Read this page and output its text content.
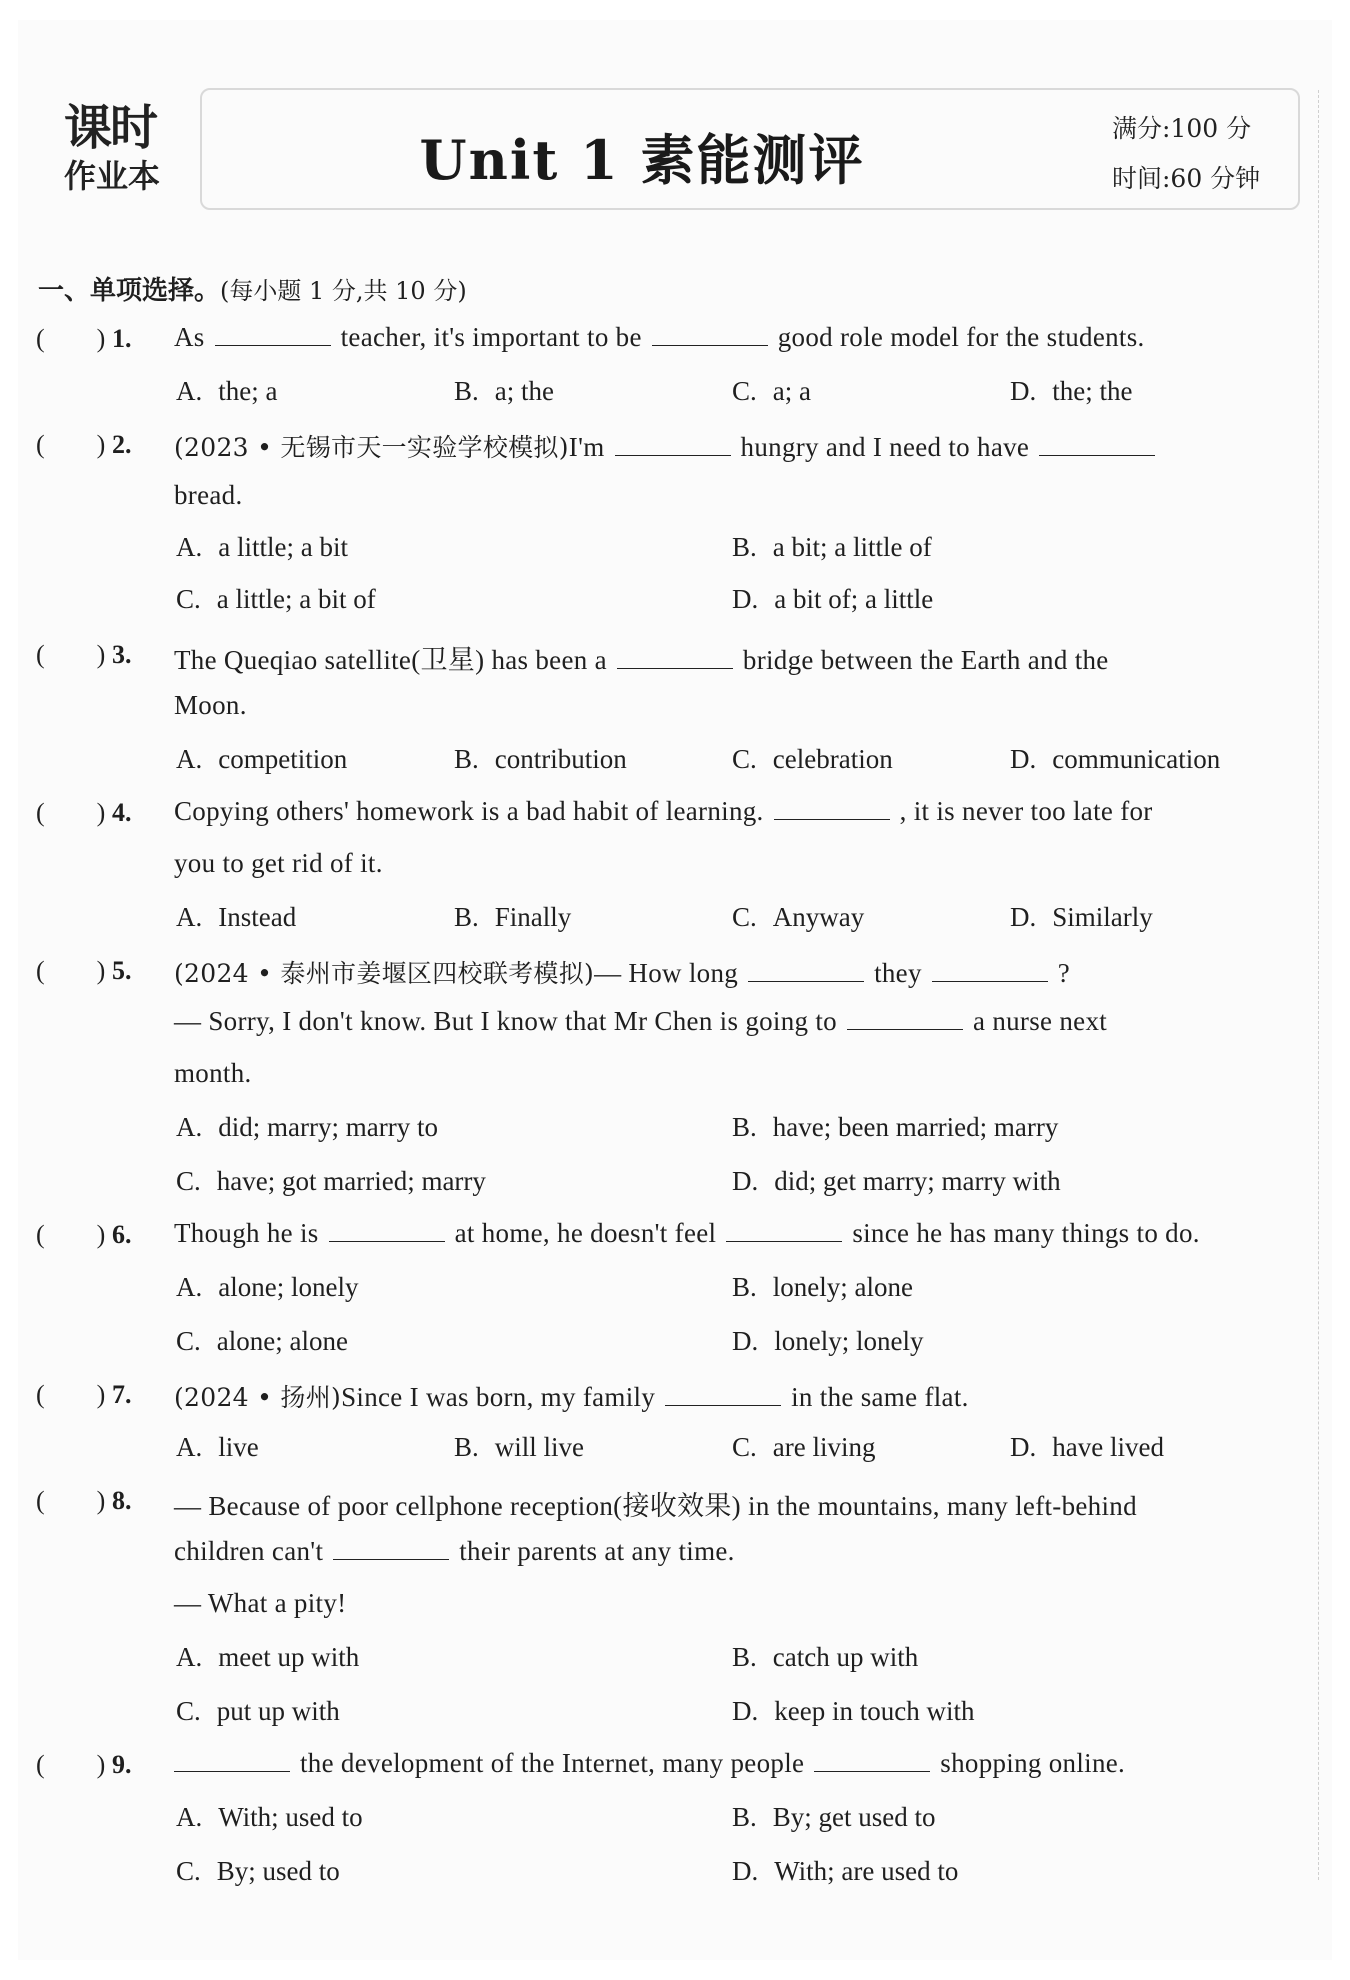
课时
作业本	Unit 1 素能测评	满分:100 分
时间:60 分钟
一、单项选择。(每小题 1 分,共 10 分)
(        ) 1. As	teacher, it's important to be	good role model for the students.
A. the; a	B. a; the	C. a; a	D. the; the
(        ) 2. (2023 • 无锡市天一实验学校模拟)I'm	hungry and I need to have
bread.
A. a little; a bit	B. a bit; a little of
C. a little; a bit of	D. a bit of; a little
(        ) 3. The Queqiao satellite(卫星) has been a	bridge between the Earth and the
Moon.
A. competition	B. contribution	C. celebration	D. communication
(        ) 4. Copying others' homework is a bad habit of learning.	, it is never too late for
you to get rid of it.
A. Instead	B. Finally	C. Anyway	D. Similarly
(        ) 5. (2024 • 泰州市姜堰区四校联考模拟)— How long	they	?
— Sorry, I don't know. But I know that Mr Chen is going to	a nurse next
month.
A. did; marry; marry to	B. have; been married; marry
C. have; got married; marry	D. did; get marry; marry with
(        ) 6. Though he is	at home, he doesn't feel	since he has many things to do.
A. alone; lonely	B. lonely; alone
C. alone; alone	D. lonely; lonely
(        ) 7. (2024 • 扬州)Since I was born, my family	in the same flat.
A. live	B. will live	C. are living	D. have lived
(        ) 8. — Because of poor cellphone reception(接收效果) in the mountains, many left-behind
children can't	their parents at any time.
— What a pity!
A. meet up with	B. catch up with
C. put up with	D. keep in touch with
(        ) 9.	the development of the Internet, many people	shopping online.
A. With; used to	B. By; get used to
C. By; used to	D. With; are used to
